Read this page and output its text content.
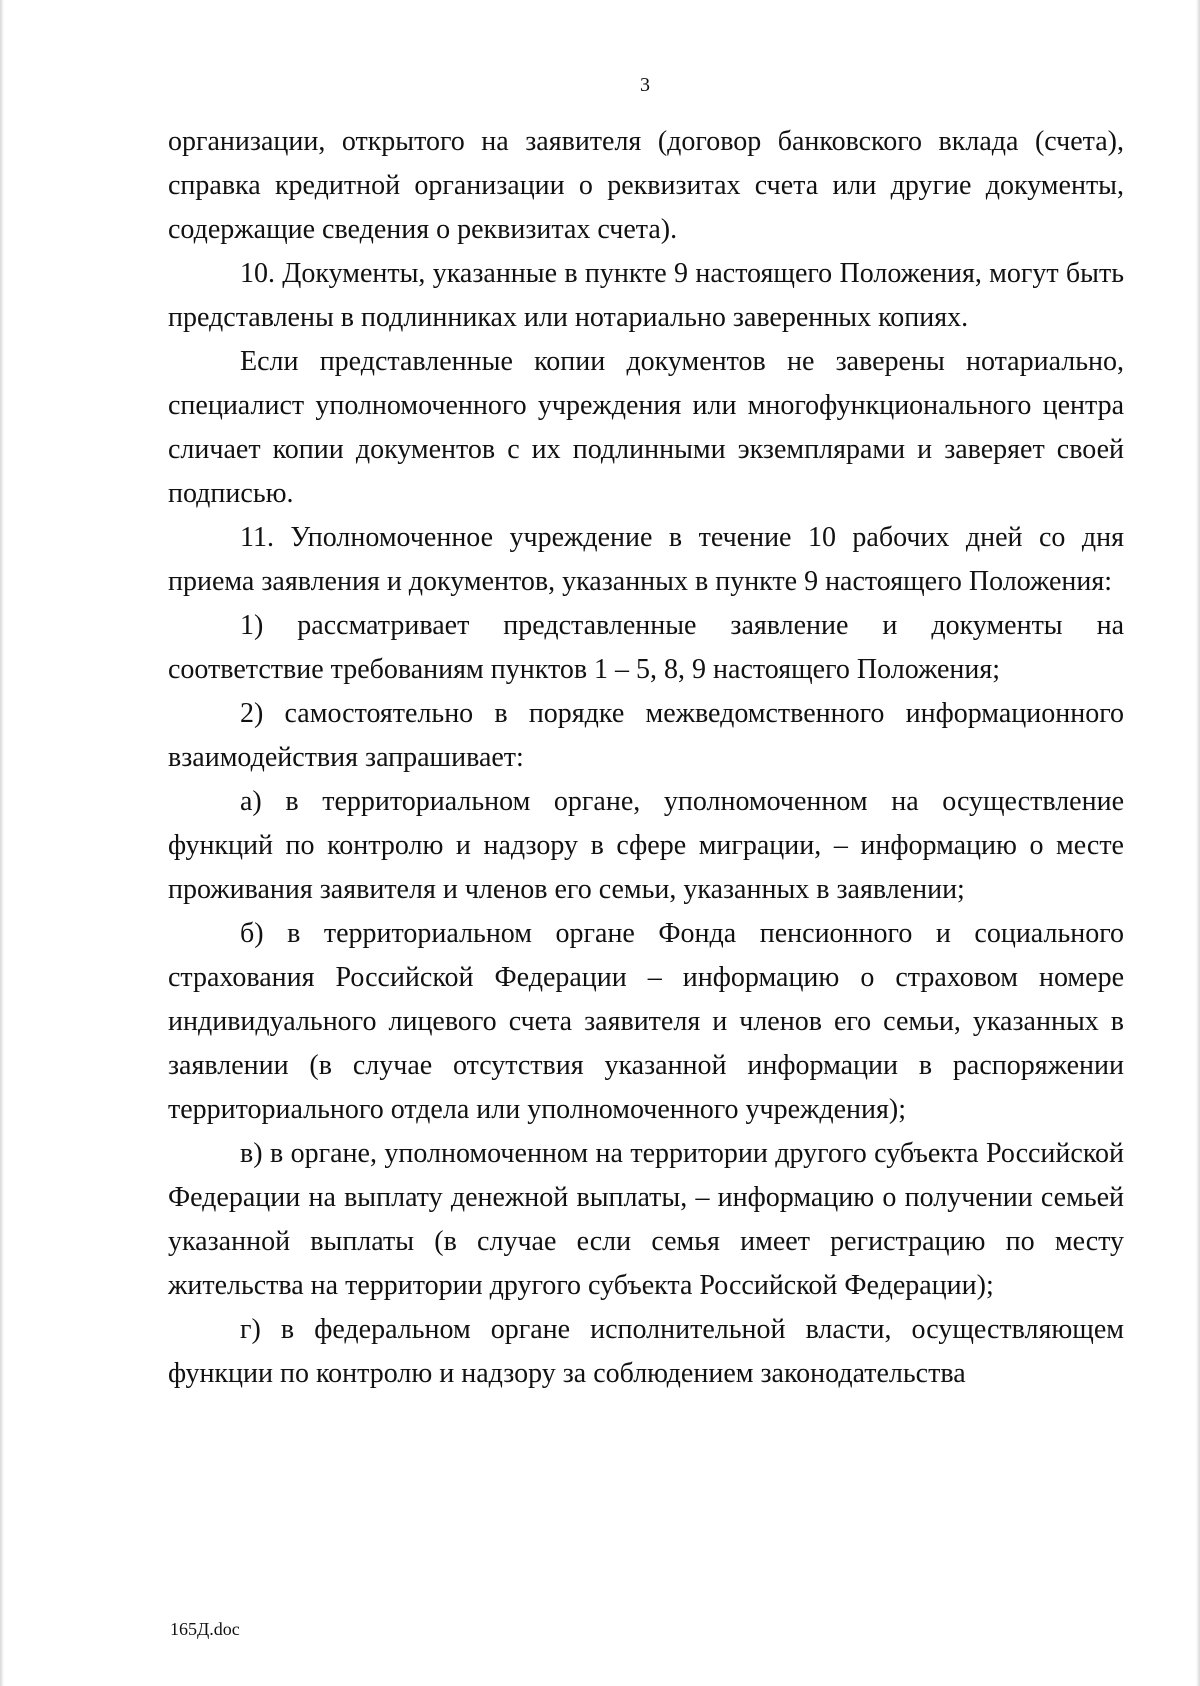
3

организации, открытого на заявителя (договор банковского вклада (счета), справка кредитной организации о реквизитах счета или другие документы, содержащие сведения о реквизитах счета).

10. Документы, указанные в пункте 9 настоящего Положения, могут быть представлены в подлинниках или нотариально заверенных копиях.

Если представленные копии документов не заверены нотариально, специалист уполномоченного учреждения или многофункционального центра сличает копии документов с их подлинными экземплярами и заверяет своей подписью.

11. Уполномоченное учреждение в течение 10 рабочих дней со дня приема заявления и документов, указанных в пункте 9 настоящего Положения:

1) рассматривает представленные заявление и документы на соответствие требованиям пунктов 1 – 5, 8, 9 настоящего Положения;

2) самостоятельно в порядке межведомственного информационного взаимодействия запрашивает:

а) в территориальном органе, уполномоченном на осуществление функций по контролю и надзору в сфере миграции, – информацию о месте проживания заявителя и членов его семьи, указанных в заявлении;

б) в территориальном органе Фонда пенсионного и социального страхования Российской Федерации – информацию о страховом номере индивидуального лицевого счета заявителя и членов его семьи, указанных в заявлении (в случае отсутствия указанной информации в распоряжении территориального отдела или уполномоченного учреждения);

в) в органе, уполномоченном на территории другого субъекта Российской Федерации на выплату денежной выплаты, – информацию о получении семьей указанной выплаты (в случае если семья имеет регистрацию по месту жительства на территории другого субъекта Российской Федерации);

г) в федеральном органе исполнительной власти, осуществляющем функции по контролю и надзору за соблюдением законодательства

165Д.doc
